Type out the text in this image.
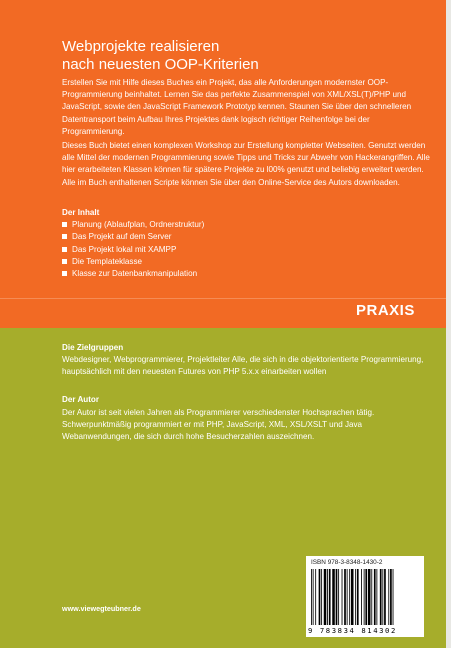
Webprojekte realisieren
nach neuesten OOP-Kriterien

Erstellen Sie mit Hilfe dieses Buches ein Projekt, das alle Anforderungen modernster OOP-Programmierung beinhaltet. Lernen Sie das perfekte Zusammenspiel von XML/XSL(T)/PHP und JavaScript, sowie den JavaScript Framework Prototyp kennen. Staunen Sie über den schnelleren Datentransport beim Aufbau Ihres Projektes dank logisch richtiger Reihenfolge bei der Programmierung.

Dieses Buch bietet einen komplexen Workshop zur Erstellung kompletter Webseiten. Genutzt werden alle Mittel der modernen Programmierung sowie Tipps und Tricks zur Abwehr von Hackerangriffen. Alle hier erarbeiteten Klassen können für spätere Projekte zu l00% genutzt und beliebig erweitert werden. Alle im Buch enthaltenen Scripte können Sie über den Online-Service des Autors downloaden.

Der Inhalt

Planung (Ablaufplan, Ordnerstruktur)
Das Projekt auf dem Server
Das Projekt lokal mit XAMPP
Die Templateklasse
Klasse zur Datenbankmanipulation
PRAXIS

Die Zielgruppen

Webdesigner, Webprogrammierer, Projektleiter Alle, die sich in die objektorientierte Programmierung, hauptsächlich mit den neuesten Futures von PHP 5.x.x einarbeiten wollen

Der Autor

Der Autor ist seit vielen Jahren als Programmierer verschiedenster Hochsprachen tätig. Schwerpunktmäßig programmiert er mit PHP, JavaScript, XML, XSL/XSLT und Java Webanwendungen, die sich durch hohe Besucherzahlen auszeichnen.

ISBN 978-3-8348-1430-2
9 783834 814302
www.viewegteubner.de
